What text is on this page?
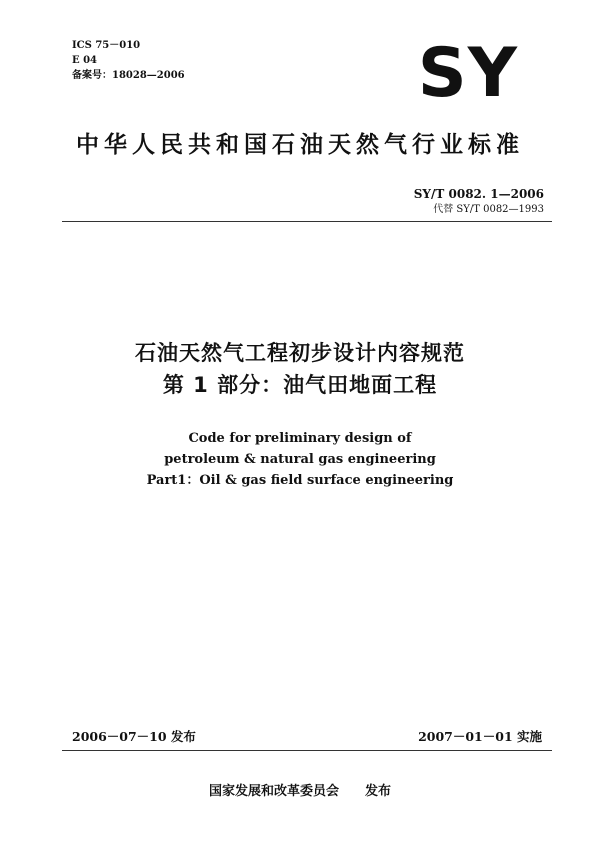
ICS 75－010
E 04
备案号：18028—2006	SY
中华人民共和国石油天然气行业标准
SY/T 0082. 1—2006
代替 SY/T 0082—1993
石油天然气工程初步设计内容规范
第 1 部分：油气田地面工程
Code for preliminary design of
petroleum & natural gas engineering
Part1：Oil & gas field surface engineering
2006－07－10 发布	2007－01－01 实施
国家发展和改革委员会　　发布
